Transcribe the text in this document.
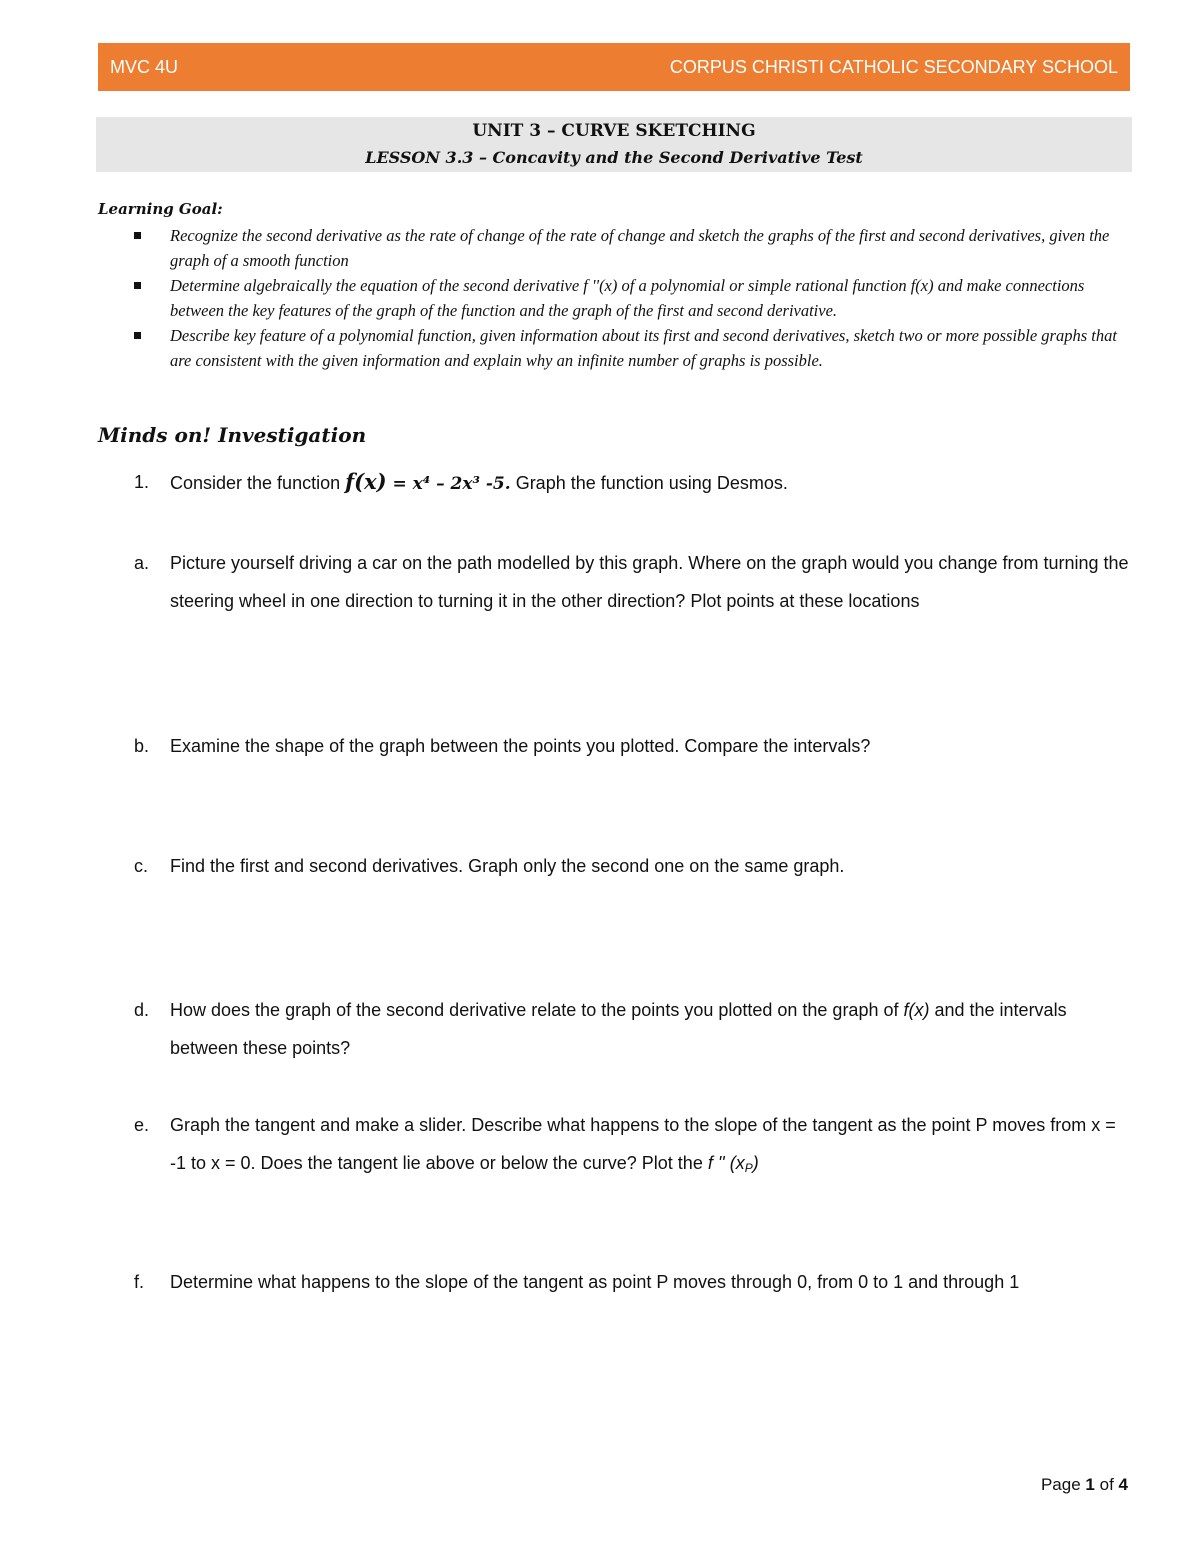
MVC 4U	CORPUS CHRISTI CATHOLIC SECONDARY SCHOOL
UNIT 3 – CURVE SKETCHING
LESSON 3.3 – Concavity and the Second Derivative Test
Learning Goal:
Recognize the second derivative as the rate of change of the rate of change and sketch the graphs of the first and second derivatives, given the graph of a smooth function
Determine algebraically the equation of the second derivative f ''(x) of a polynomial or simple rational function f(x) and make connections between the key features of the graph of the function and the graph of the first and second derivative.
Describe key feature of a polynomial function, given information about its first and second derivatives, sketch two or more possible graphs that are consistent with the given information and explain why an infinite number of graphs is possible.
Minds on! Investigation
1. Consider the function f(x) = x⁴ – 2x³ -5. Graph the function using Desmos.
a. Picture yourself driving a car on the path modelled by this graph. Where on the graph would you change from turning the steering wheel in one direction to turning it in the other direction? Plot points at these locations
b. Examine the shape of the graph between the points you plotted. Compare the intervals?
c. Find the first and second derivatives. Graph only the second one on the same graph.
d. How does the graph of the second derivative relate to the points you plotted on the graph of f(x) and the intervals between these points?
e. Graph the tangent and make a slider. Describe what happens to the slope of the tangent as the point P moves from x = -1 to x = 0. Does the tangent lie above or below the curve? Plot the f '' $(x_P)$
f. Determine what happens to the slope of the tangent as point P moves through 0, from 0 to 1 and through 1
Page 1 of 4
